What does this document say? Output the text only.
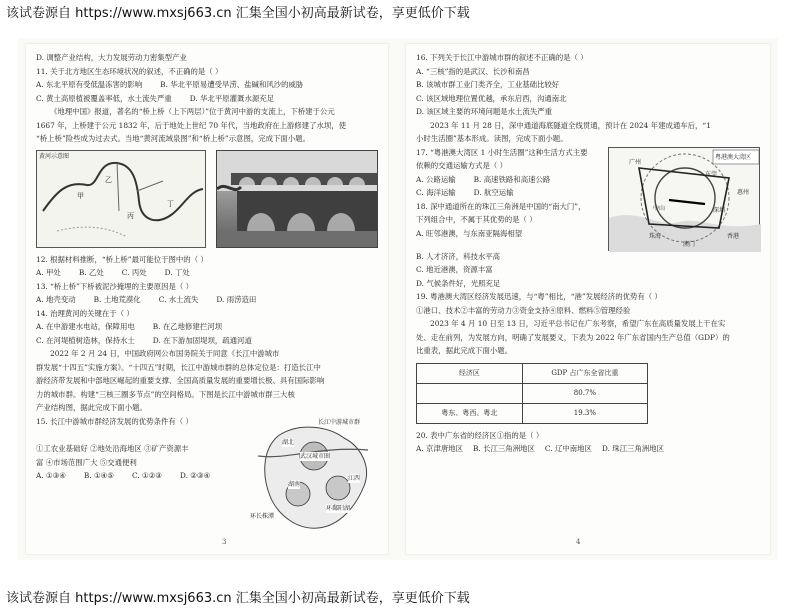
该试卷源自 https://www.mxsj663.cn 汇集全国小初高最新试卷，享更低价下载
D. 调整产业结构，大力发展劳动力密集型产业
11. 关于北方地区生态环境状况的叙述，不正确的是（ ）
A. 东北平原有受低温冻害的影响 B. 华北平原易遭受旱涝、盐碱和风沙的威胁
C. 黄土高原植被覆盖率低，水土流失严重 D. 华北平原灌溉水源充足
《地理中国》报道，著名的“桥上桥（上下两层）”位于黄河中游的支流上，下桥建于公元
1667 年，上桥建于公元 1832 年，后于地处上世纪 70 年代，当地政府在上游修建了水坝，使
“桥上桥”险些成为过去式。当地“黄河流域泉图”和“桥上桥”示意图，完成下面小题。
黄河示意图
甲
乙
丙
丁
12. 根据材料推断，“桥上桥”最可能位于图中的（ ）
A. 甲处 B. 乙处 C. 丙处 D. 丁处
13. “桥上桥”下桥被泥沙掩埋的主要原因是（ ）
A. 地壳变动 B. 土地荒漠化 C. 水土流失 D. 雨涝造田
14. 治理黄河的关键在于（ ）
A. 在中游建水电站，保障用电 B. 在乙地修建拦河坝
C. 在河堤植树造林，保持水土 D. 在下游加固堤坝，疏通河道
2022 年 2 月 24 日，中国政府网公布国务院关于同意《长江中游城市
群发展“十四五”实施方案》。“十四五”时期，长江中游城市群的总体定位是：打造长江中
游经济带发展和中部地区崛起的重要支撑、全国高质量发展的重要增长极、具有国际影响
力的城市群。构建“三核三圈多节点”的空间格局。下图是长江中游城市群三大核
产业结构图，据此完成下面小题。
15. 长江中游城市群经济发展的优势条件有（ ）
①工农业基础好 ②地处沿海地区 ③矿产资源丰
富 ④市场范围广大 ⑤交通便利
A. ①③④ B. ①④⑤ C. ①②③ D. ②③④
长江中游城市群
武汉城市圈
环长株潭
环鄱阳湖
湖南
江西
湖北
3
16. 下列关于长江中游城市群的叙述不正确的是（ ）
A. “三核”指的是武汉、长沙和南昌
B. 该城市群工业门类齐全，工业基础比较好
C. 该区域地理位置优越，承东启西，沟通南北
D. 该区域主要的环境问题是水土流失严重
2023 年 11 月 28 日，深中通道海底隧道全线贯通，预计在 2024 年建成通车后，“1
小时生活圈”基本形成。读图，完成下面小题。
17. “粤港澳大湾区 1 小时生活圈”这种生活方式主要
依赖的交通运输方式是（ ）
A. 公路运输 B. 高速铁路和高速公路
C. 海洋运输 D. 航空运输
18. 深中通道所在的珠江三角洲是中国的“南大门”，
下列组合中，不属于其优势的是（ ）
A. 旺邻港澳，与东南亚隔海相望
广州
东莞
深圳
中山
珠海	香港
澳门
惠州
粤港澳大湾区
B. 人才济济，科技水平高
C. 地近港澳，资源丰富
D. 气候条件好，光照充足
19. 粤港澳大湾区经济发展迅速，与“粤”相比，“港”发展经济的优势有（ ）
①港口、技术②丰富的劳动力③资金支持④原料、燃料⑤管理经验
2023 年 4 月 10 日至 13 日，习近平总书记在广东考察，希望广东在高质量发展上干在实
处、走在前列，为发展方向，明确了发展要义，下表为 2022 年广东省国内生产总值（GDP）的
比重表，据此完成下面小题。
经济区	GDP 占广东全省比重
	80.7%
粤东、粤西、粤北	19.3%
20. 表中广东省的经济区①指的是（ ）
A. 京津唐地区 B. 长江三角洲地区 C. 辽中南地区 D. 珠江三角洲地区
4
该试卷源自 https://www.mxsj663.cn 汇集全国小初高最新试卷，享更低价下载
